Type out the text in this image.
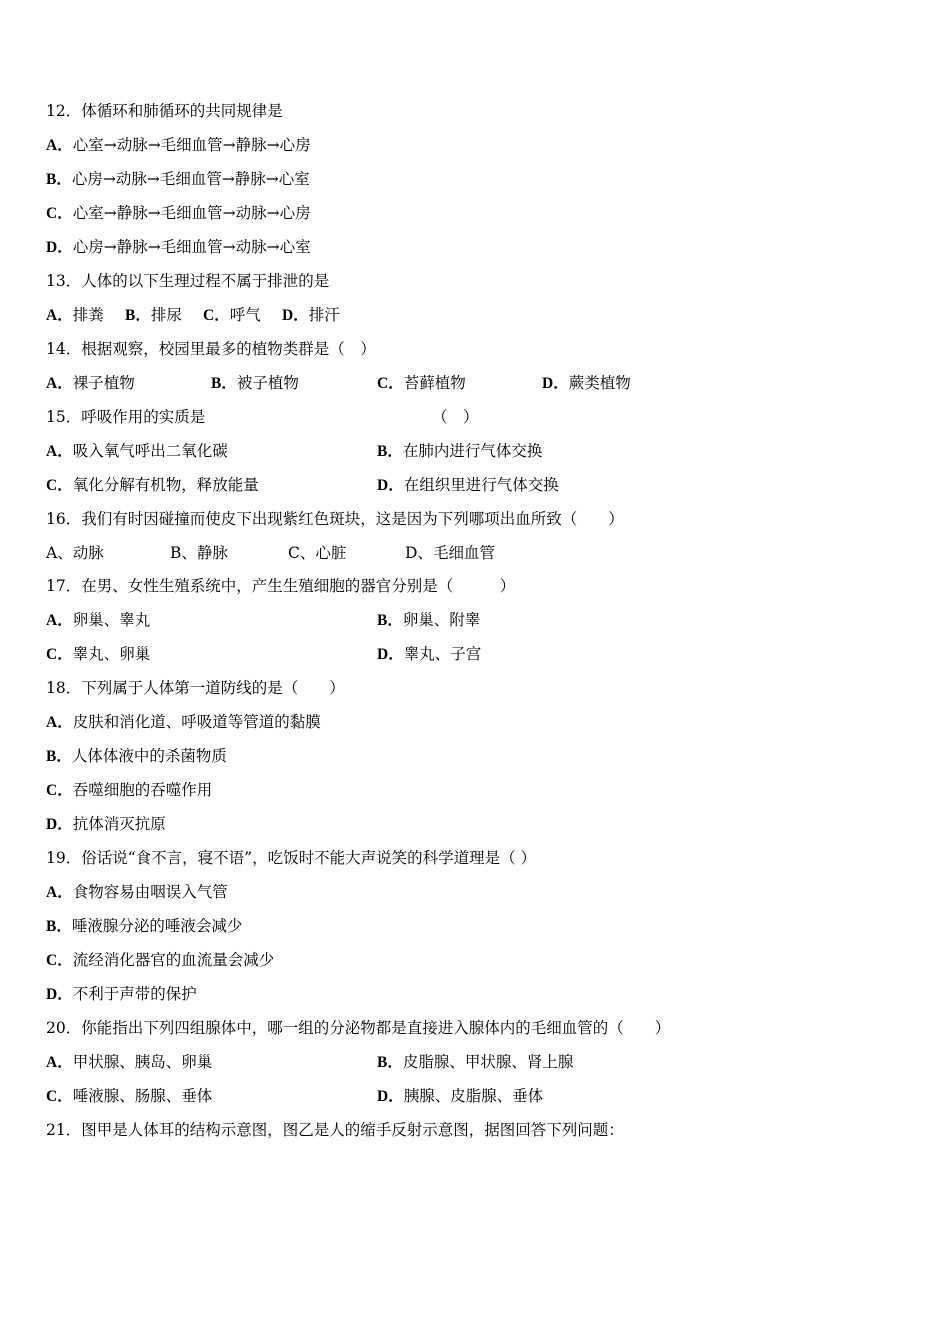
12．体循环和肺循环的共同规律是
A．心室→动脉→毛细血管→静脉→心房
B．心房→动脉→毛细血管→静脉→心室
C．心室→静脉→毛细血管→动脉→心房
D．心房→静脉→毛细血管→动脉→心室
13．人体的以下生理过程不属于排泄的是
A．排粪 B．排尿 C．呼气 D．排汗
14．根据观察，校园里最多的植物类群是（　）
A．裸子植物	B．被子植物	C．苔藓植物	D．蕨类植物
15．呼吸作用的实质是	（　）
A．吸入氧气呼出二氧化碳	B．在肺内进行气体交换
C．氧化分解有机物，释放能量	D．在组织里进行气体交换
16．我们有时因碰撞而使皮下出现紫红色斑块，这是因为下列哪项出血所致（　　）
A、动脉	B、静脉	C、心脏	D、毛细血管
17．在男、女性生殖系统中，产生生殖细胞的器官分别是（　　　）
A．卵巢、睾丸	B．卵巢、附睾
C．睾丸、卵巢	D．睾丸、子宫
18．下列属于人体第一道防线的是（　　）
A．皮肤和消化道、呼吸道等管道的黏膜
B．人体体液中的杀菌物质
C．吞噬细胞的吞噬作用
D．抗体消灭抗原
19．俗话说“食不言，寝不语”，吃饭时不能大声说笑的科学道理是（ ）
A．食物容易由咽误入气管
B．唾液腺分泌的唾液会减少
C．流经消化器官的血流量会减少
D．不利于声带的保护
20．你能指出下列四组腺体中，哪一组的分泌物都是直接进入腺体内的毛细血管的（　　）
A．甲状腺、胰岛、卵巢	B．皮脂腺、甲状腺、肾上腺
C．唾液腺、肠腺、垂体	D．胰腺、皮脂腺、垂体
21．图甲是人体耳的结构示意图，图乙是人的缩手反射示意图，据图回答下列问题：
